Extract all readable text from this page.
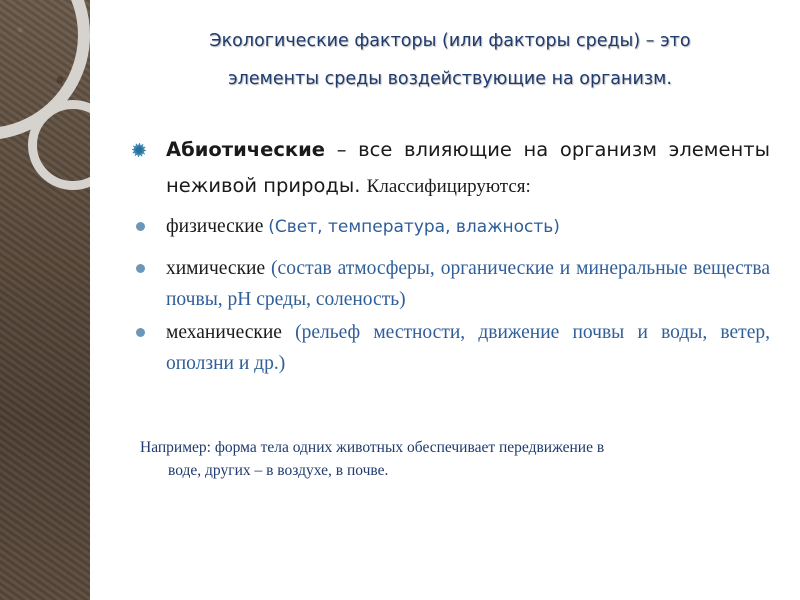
Экологические факторы (или факторы среды) – это
элементы среды воздействующие на организм.
Абиотические – все влияющие на организм элементы неживой природы. Классифицируются:
физические (Свет, температура, влажность)
химические (состав атмосферы, органические и минеральные вещества почвы, pH среды, соленость)
механические (рельеф местности, движение почвы и воды, ветер, оползни и др.)
Например: форма тела одних животных обеспечивает передвижение в
воде, других – в воздухе, в почве.
